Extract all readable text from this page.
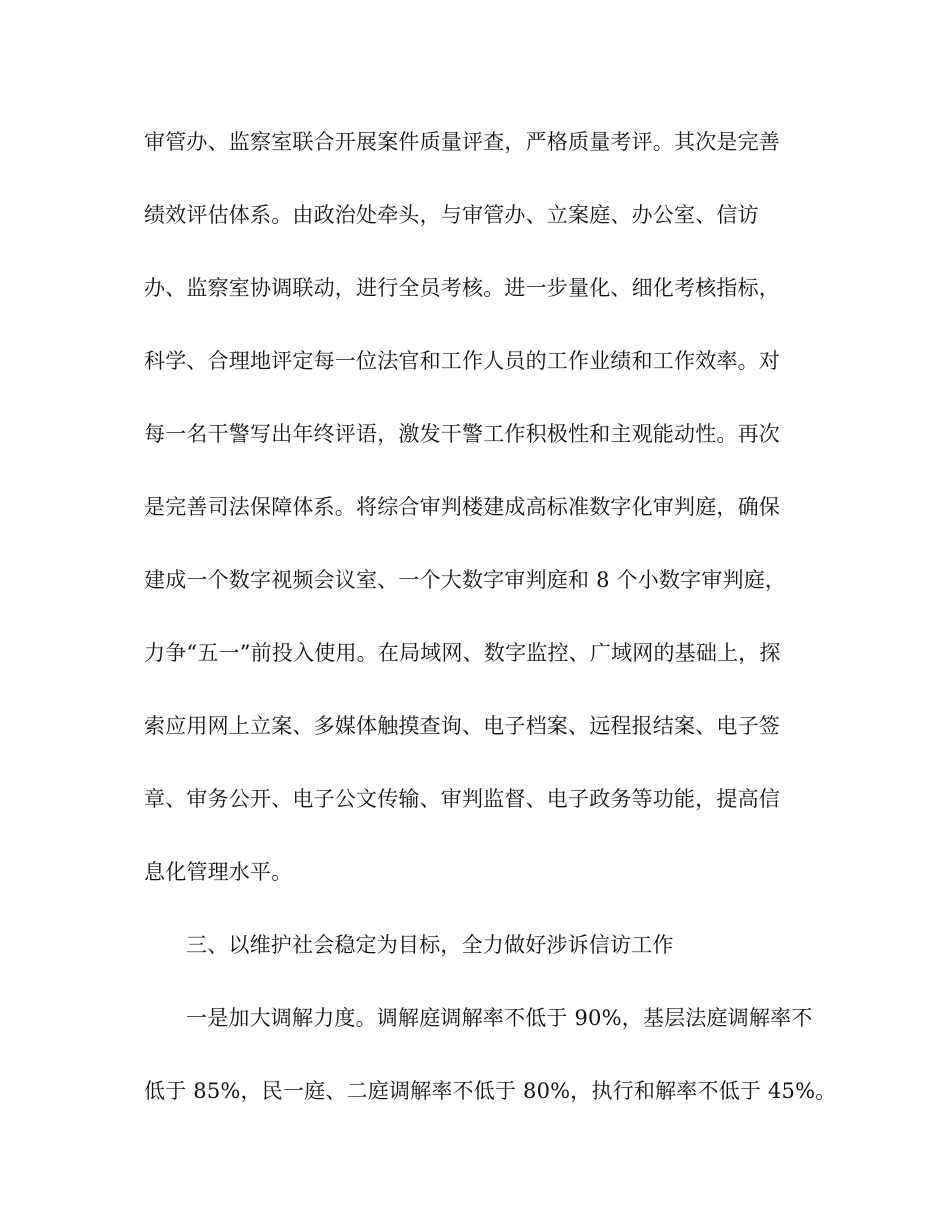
审管办、监察室联合开展案件质量评查，严格质量考评。其次是完善
绩效评估体系。由政治处牵头，与审管办、立案庭、办公室、信访
办、监察室协调联动，进行全员考核。进一步量化、细化考核指标，
科学、合理地评定每一位法官和工作人员的工作业绩和工作效率。对
每一名干警写出年终评语，激发干警工作积极性和主观能动性。再次
是完善司法保障体系。将综合审判楼建成高标准数字化审判庭，确保
建成一个数字视频会议室、一个大数字审判庭和 8 个小数字审判庭，
力争“五一”前投入使用。在局域网、数字监控、广域网的基础上，探
索应用网上立案、多媒体触摸查询、电子档案、远程报结案、电子签
章、审务公开、电子公文传输、审判监督、电子政务等功能，提高信
息化管理水平。
三、以维护社会稳定为目标，全力做好涉诉信访工作
一是加大调解力度。调解庭调解率不低于 90%，基层法庭调解率不
低于 85%，民一庭、二庭调解率不低于 80%，执行和解率不低于 45%。
